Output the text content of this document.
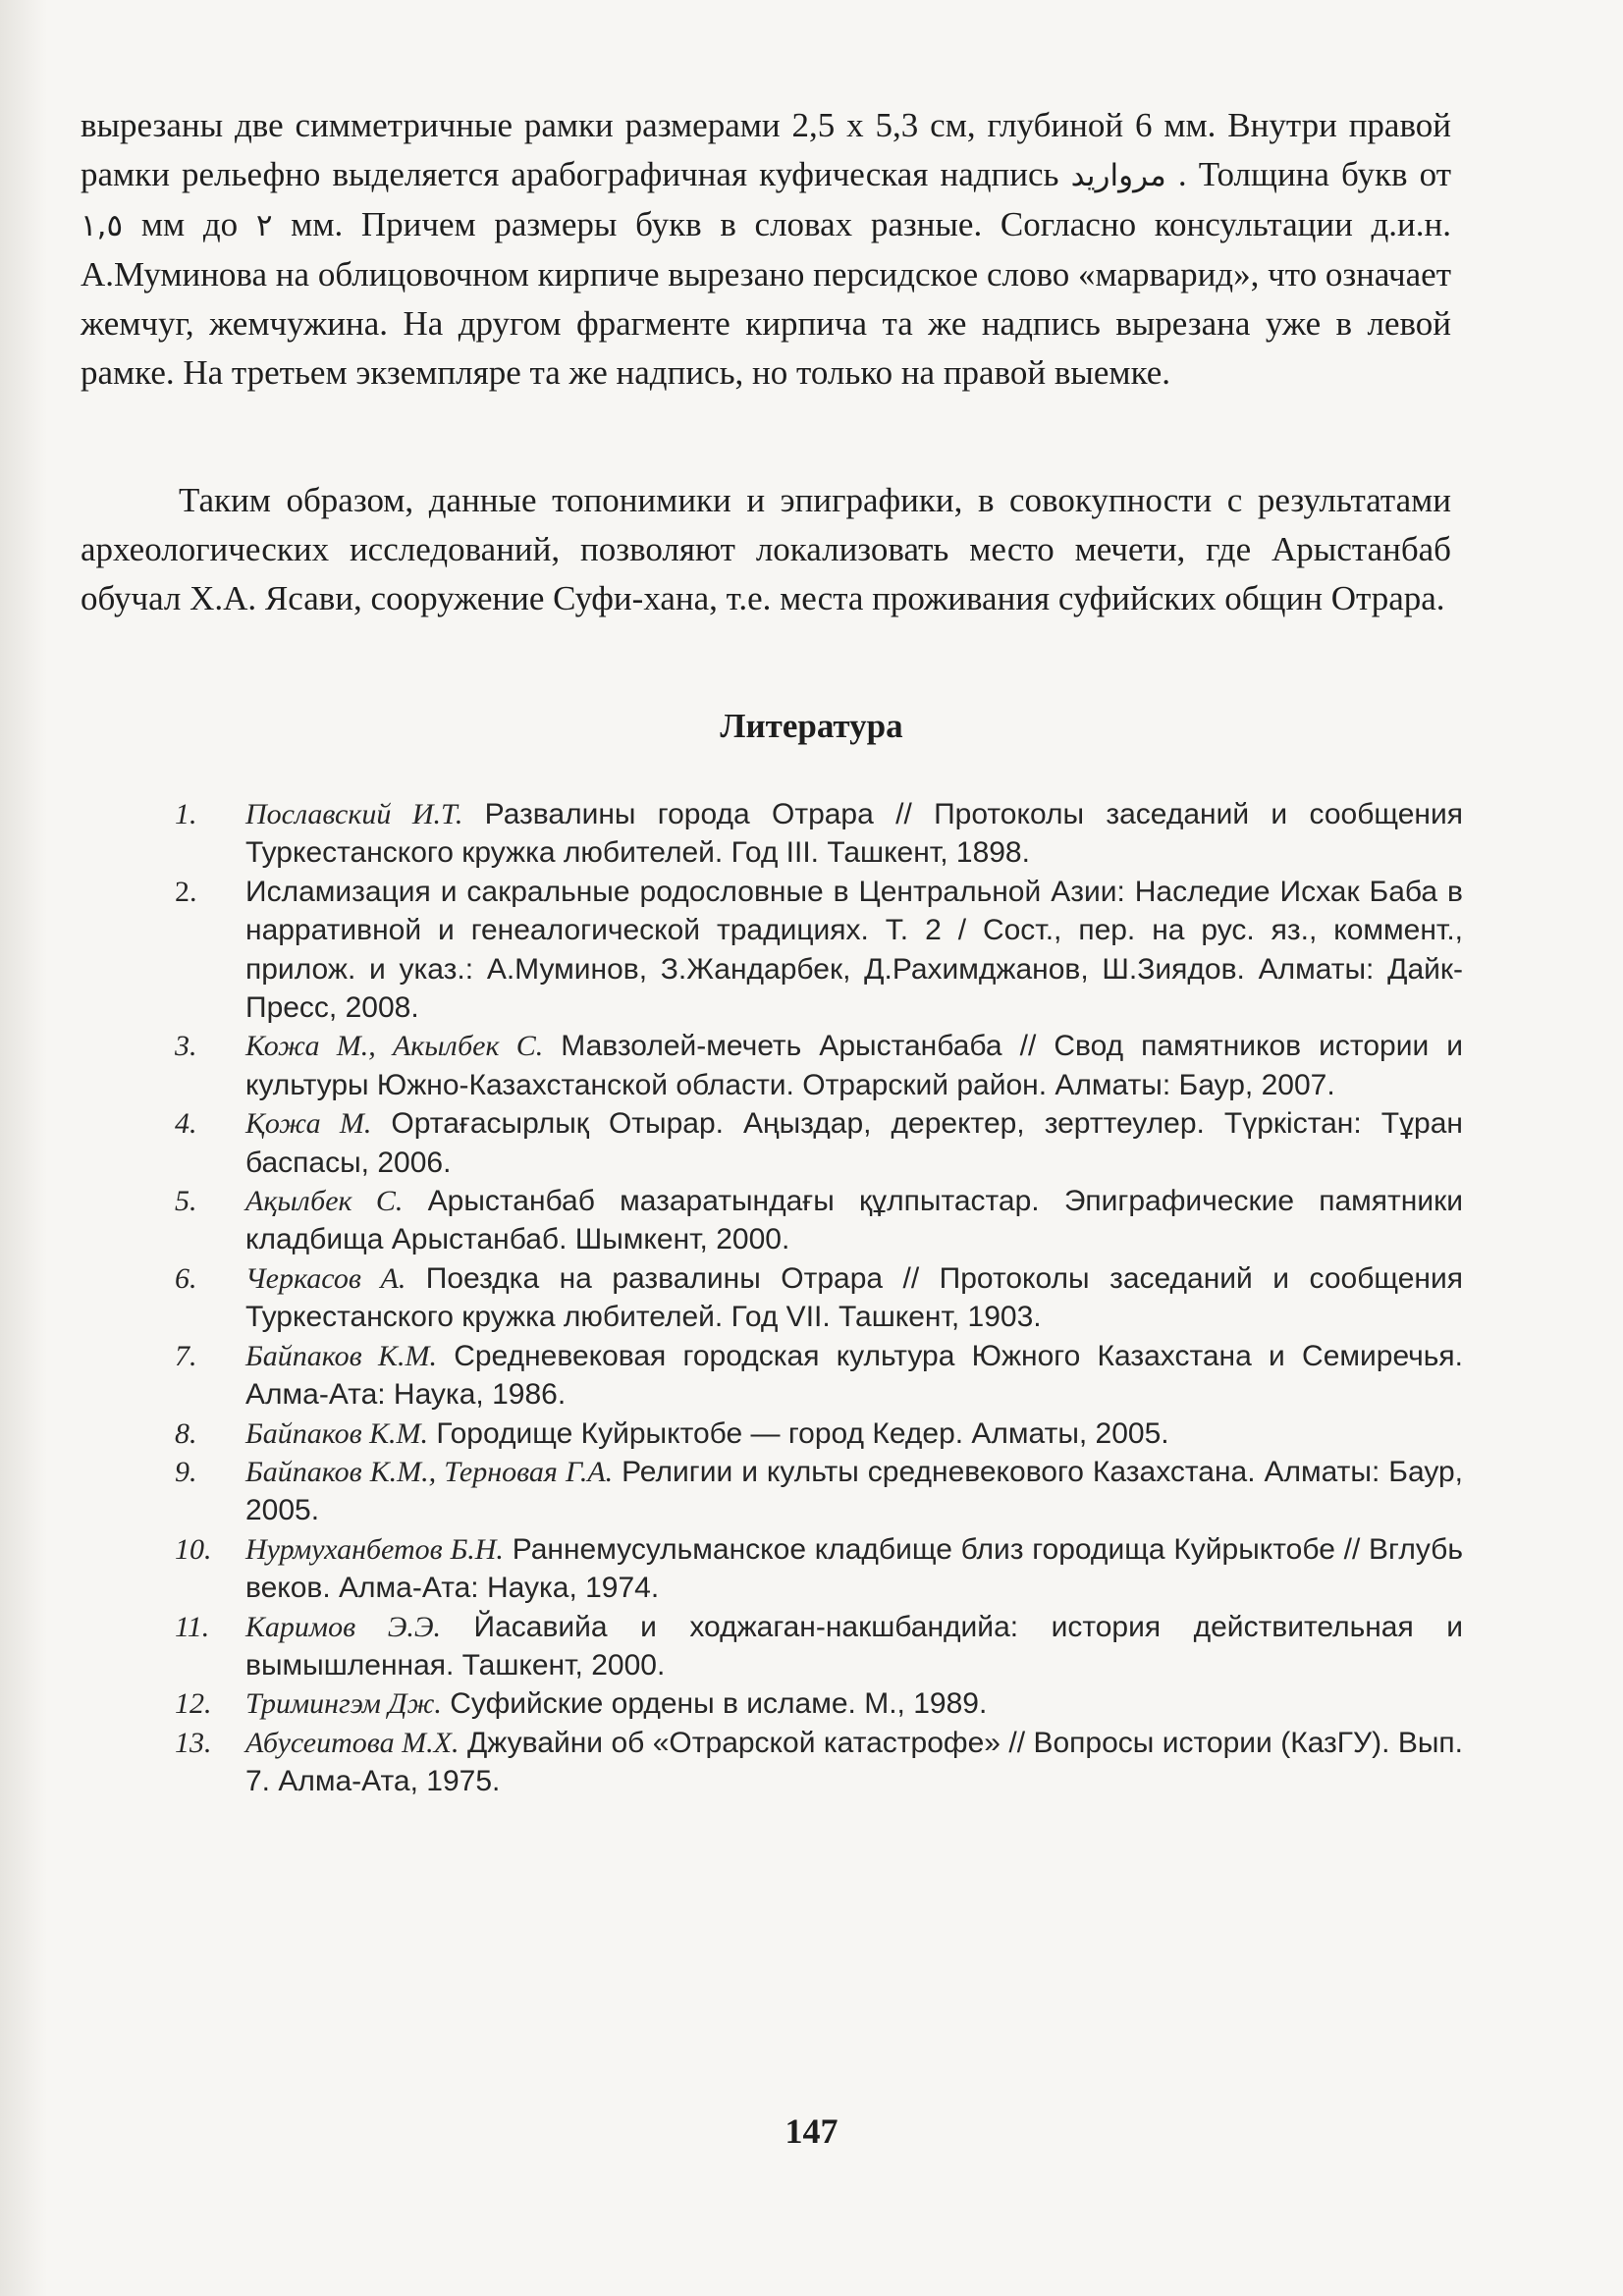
вырезаны две симметричные рамки размерами 2,5 х 5,3 см, глубиной 6 мм. Внутри правой рамки рельефно выделяется арабографичная куфическая надпись مرواريد . Толщина букв от ١,٥ мм до ٢ мм. Причем размеры букв в словах разные. Согласно консультации д.и.н. А.Муминова на облицовочном кирпиче вырезано персидское слово «марварид», что означает жемчуг, жемчужина. На другом фрагменте кирпича та же надпись вырезана уже в левой рамке. На третьем экземпляре та же надпись, но только на правой выемке.

Таким образом, данные топонимики и эпиграфики, в совокупности с результатами археологических исследований, позволяют локализовать место мечети, где Арыстанбаб обучал Х.А. Ясави, сооружение Суфи-хана, т.е. места проживания суфийских общин Отрара.

Литература
1.	Пославский И.Т. Развалины города Отрара // Протоколы заседаний и сообщения Туркестанского кружка любителей. Год III. Ташкент, 1898.
2.	Исламизация и сакральные родословные в Центральной Азии: Наследие Исхак Баба в нарративной и генеалогической традициях. Т. 2 / Сост., пер. на рус. яз., коммент., прилож. и указ.: А.Муминов, З.Жандарбек, Д.Рахимджанов, Ш.Зиядов. Алматы: Дайк-Пресс, 2008.
3.	Кожа М., Акылбек С. Мавзолей-мечеть Арыстанбаба // Свод памятников истории и культуры Южно-Казахстанской области. Отрарский район. Алматы: Баур, 2007.
4.	Қожа М. Ортағасырлық Отырар. Аңыздар, деректер, зерттеулер. Түркістан: Тұран баспасы, 2006.
5.	Ақылбек С. Арыстанбаб мазаратындағы құлпытастар. Эпиграфические памятники кладбища Арыстанбаб. Шымкент, 2000.
6.	Черкасов А. Поездка на развалины Отрара // Протоколы заседаний и сообщения Туркестанского кружка любителей. Год VII. Ташкент, 1903.
7.	Байпаков К.М. Средневековая городская культура Южного Казахстана и Семиречья. Алма-Ата: Наука, 1986.
8.	Байпаков К.М. Городище Куйрыктобе — город Кедер. Алматы, 2005.
9.	Байпаков К.М., Терновая Г.А. Религии и культы средневекового Казахстана. Алматы: Баур, 2005.
10.	Нурмуханбетов Б.Н. Раннемусульманское кладбище близ городища Куйрыктобе // Вглубь веков. Алма-Ата: Наука, 1974.
11.	Каримов Э.Э. Йасавийа и ходжаган-накшбандийа: история действительная и вымышленная. Ташкент, 2000.
12.	Тримингэм Дж. Суфийские ордены в исламе. М., 1989.
13.	Абусеитова М.Х. Джувайни об «Отрарской катастрофе» // Вопросы истории (КазГУ). Вып. 7. Алма-Ата, 1975.

147
